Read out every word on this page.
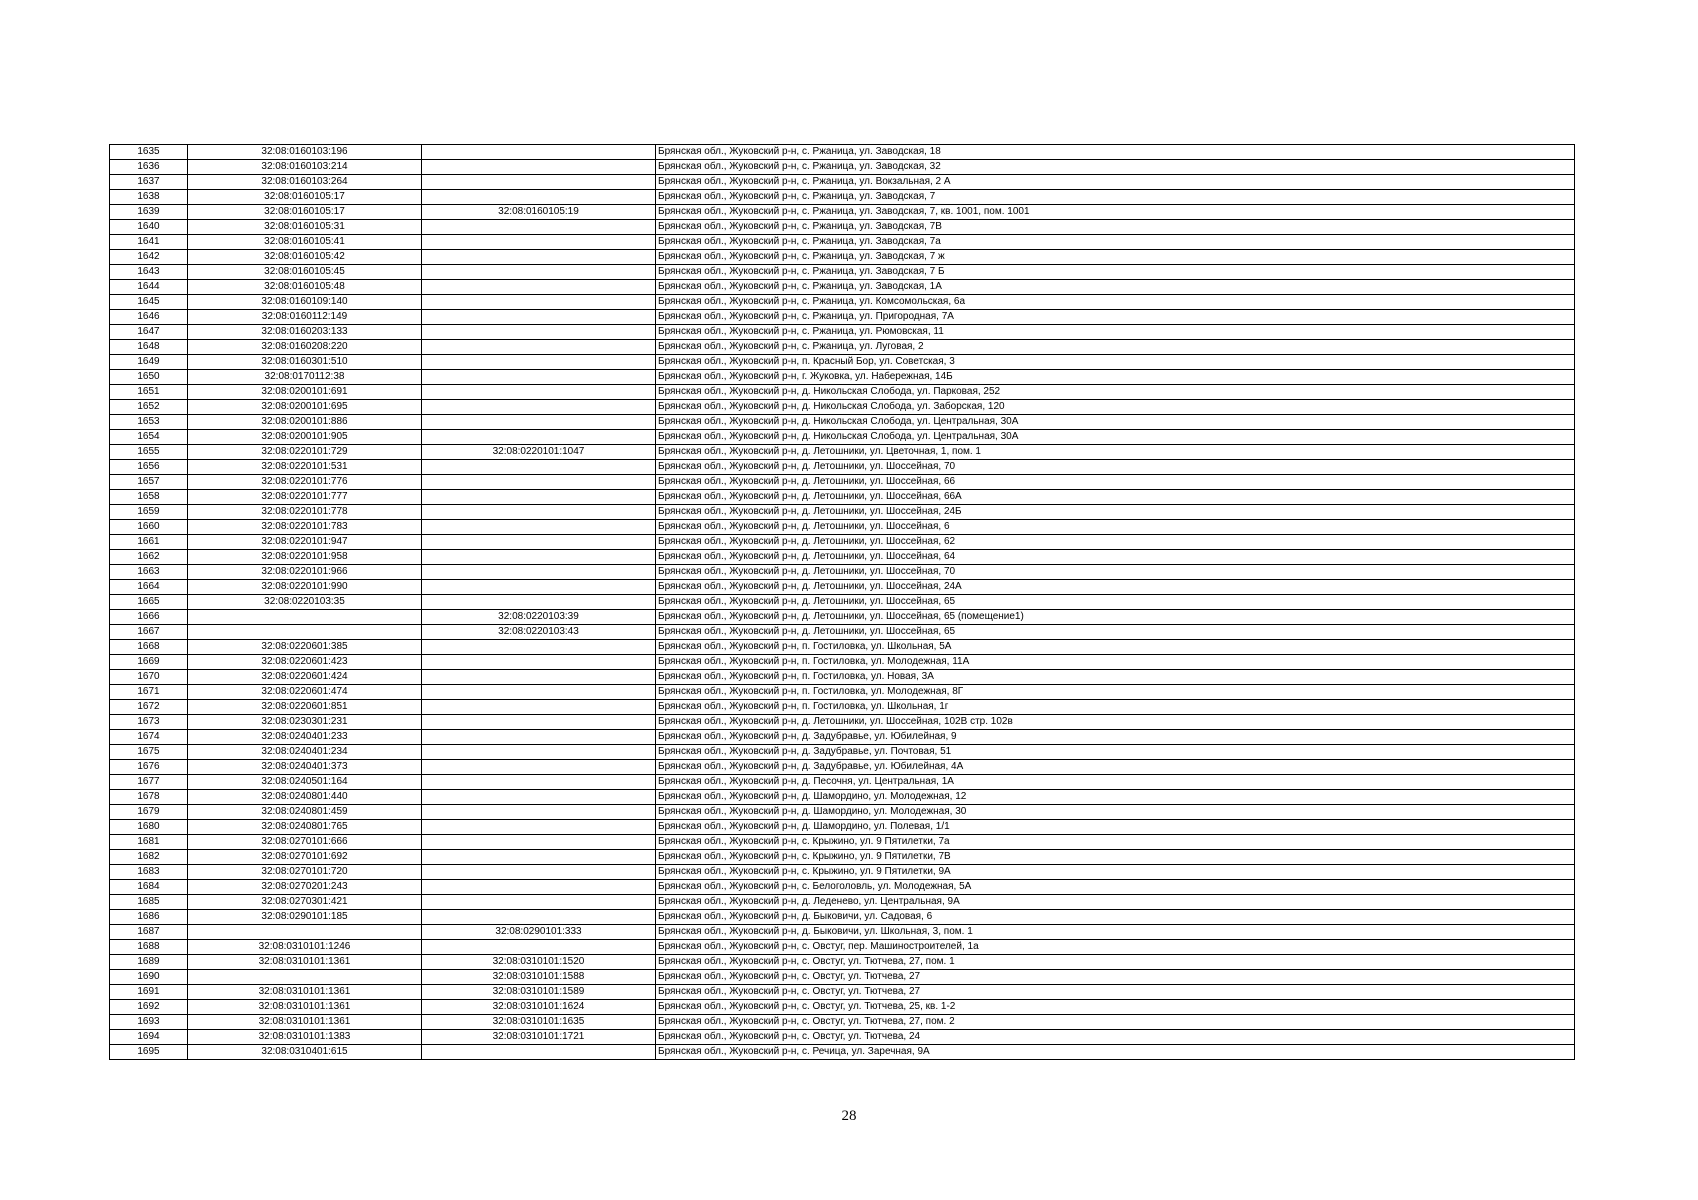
1635	32:08:0160103:196		Брянская обл., Жуковский р-н, с. Ржаница, ул. Заводская, 18
1636	32:08:0160103:214		Брянская обл., Жуковский р-н, с. Ржаница, ул. Заводская, 32
1637	32:08:0160103:264		Брянская обл., Жуковский р-н, с. Ржаница, ул. Вокзальная, 2 А
1638	32:08:0160105:17		Брянская обл., Жуковский р-н, с. Ржаница, ул. Заводская, 7
1639	32:08:0160105:17	32:08:0160105:19	Брянская обл., Жуковский р-н, с. Ржаница, ул. Заводская, 7, кв. 1001, пом. 1001
1640	32:08:0160105:31		Брянская обл., Жуковский р-н, с. Ржаница, ул. Заводская, 7В
1641	32:08:0160105:41		Брянская обл., Жуковский р-н, с. Ржаница, ул. Заводская, 7а
1642	32:08:0160105:42		Брянская обл., Жуковский р-н, с. Ржаница, ул. Заводская, 7 ж
1643	32:08:0160105:45		Брянская обл., Жуковский р-н, с. Ржаница, ул. Заводская, 7 Б
1644	32:08:0160105:48		Брянская обл., Жуковский р-н, с. Ржаница, ул. Заводская, 1А
1645	32:08:0160109:140		Брянская обл., Жуковский р-н, с. Ржаница, ул. Комсомольская, 6а
1646	32:08:0160112:149		Брянская обл., Жуковский р-н, с. Ржаница, ул. Пригородная, 7А
1647	32:08:0160203:133		Брянская обл., Жуковский р-н, с. Ржаница, ул. Рюмовская, 11
1648	32:08:0160208:220		Брянская обл., Жуковский р-н, с. Ржаница, ул. Луговая, 2
1649	32:08:0160301:510		Брянская обл., Жуковский р-н, п. Красный Бор, ул. Советская, 3
1650	32:08:0170112:38		Брянская обл., Жуковский р-н, г. Жуковка, ул. Набережная, 14Б
1651	32:08:0200101:691		Брянская обл., Жуковский р-н, д. Никольская Слобода, ул. Парковая, 252
1652	32:08:0200101:695		Брянская обл., Жуковский р-н, д. Никольская Слобода, ул. Заборская, 120
1653	32:08:0200101:886		Брянская обл., Жуковский р-н, д. Никольская Слобода, ул. Центральная, 30А
1654	32:08:0200101:905		Брянская обл., Жуковский р-н, д. Никольская Слобода, ул. Центральная, 30А
1655	32:08:0220101:729	32:08:0220101:1047	Брянская обл., Жуковский р-н, д. Летошники, ул. Цветочная, 1, пом. 1
1656	32:08:0220101:531		Брянская обл., Жуковский р-н, д. Летошники, ул. Шоссейная, 70
1657	32:08:0220101:776		Брянская обл., Жуковский р-н, д. Летошники, ул. Шоссейная, 66
1658	32:08:0220101:777		Брянская обл., Жуковский р-н, д. Летошники, ул. Шоссейная, 66А
1659	32:08:0220101:778		Брянская обл., Жуковский р-н, д. Летошники, ул. Шоссейная, 24Б
1660	32:08:0220101:783		Брянская обл., Жуковский р-н, д. Летошники, ул. Шоссейная, 6
1661	32:08:0220101:947		Брянская обл., Жуковский р-н, д. Летошники, ул. Шоссейная, 62
1662	32:08:0220101:958		Брянская обл., Жуковский р-н, д. Летошники, ул. Шоссейная, 64
1663	32:08:0220101:966		Брянская обл., Жуковский р-н, д. Летошники, ул. Шоссейная, 70
1664	32:08:0220101:990		Брянская обл., Жуковский р-н, д. Летошники, ул. Шоссейная, 24А
1665	32:08:0220103:35		Брянская обл., Жуковский р-н, д. Летошники, ул. Шоссейная, 65
1666		32:08:0220103:39	Брянская обл., Жуковский р-н, д. Летошники, ул. Шоссейная, 65 (помещение1)
1667		32:08:0220103:43	Брянская обл., Жуковский р-н, д. Летошники, ул. Шоссейная, 65
1668	32:08:0220601:385		Брянская обл., Жуковский р-н, п. Гостиловка, ул. Школьная, 5А
1669	32:08:0220601:423		Брянская обл., Жуковский р-н, п. Гостиловка, ул. Молодежная, 11А
1670	32:08:0220601:424		Брянская обл., Жуковский р-н, п. Гостиловка, ул. Новая, 3А
1671	32:08:0220601:474		Брянская обл., Жуковский р-н, п. Гостиловка, ул. Молодежная, 8Г
1672	32:08:0220601:851		Брянская обл., Жуковский р-н, п. Гостиловка, ул. Школьная, 1г
1673	32:08:0230301:231		Брянская обл., Жуковский р-н, д. Летошники, ул. Шоссейная, 102В стр. 102в
1674	32:08:0240401:233		Брянская обл., Жуковский р-н, д. Задубравье, ул. Юбилейная, 9
1675	32:08:0240401:234		Брянская обл., Жуковский р-н, д. Задубравье, ул. Почтовая, 51
1676	32:08:0240401:373		Брянская обл., Жуковский р-н, д. Задубравье, ул. Юбилейная, 4А
1677	32:08:0240501:164		Брянская обл., Жуковский р-н, д. Песочня, ул. Центральная, 1А
1678	32:08:0240801:440		Брянская обл., Жуковский р-н, д. Шамордино, ул. Молодежная, 12
1679	32:08:0240801:459		Брянская обл., Жуковский р-н, д. Шамордино, ул. Молодежная, 30
1680	32:08:0240801:765		Брянская обл., Жуковский р-н, д. Шамордино, ул. Полевая, 1/1
1681	32:08:0270101:666		Брянская обл., Жуковский р-н, с. Крыжино, ул. 9 Пятилетки, 7а
1682	32:08:0270101:692		Брянская обл., Жуковский р-н, с. Крыжино, ул. 9 Пятилетки, 7В
1683	32:08:0270101:720		Брянская обл., Жуковский р-н, с. Крыжино, ул. 9 Пятилетки, 9А
1684	32:08:0270201:243		Брянская обл., Жуковский р-н, с. Белоголовль, ул. Молодежная, 5А
1685	32:08:0270301:421		Брянская обл., Жуковский р-н, д. Леденево, ул. Центральная, 9А
1686	32:08:0290101:185		Брянская обл., Жуковский р-н, д. Быковичи, ул. Садовая, 6
1687		32:08:0290101:333	Брянская обл., Жуковский р-н, д. Быковичи, ул. Школьная, 3, пом. 1
1688	32:08:0310101:1246		Брянская обл., Жуковский р-н, с. Овстуг, пер. Машиностроителей, 1а
1689	32:08:0310101:1361	32:08:0310101:1520	Брянская обл., Жуковский р-н, с. Овстуг, ул. Тютчева, 27, пом. 1
1690		32:08:0310101:1588	Брянская обл., Жуковский р-н, с. Овстуг, ул. Тютчева, 27
1691	32:08:0310101:1361	32:08:0310101:1589	Брянская обл., Жуковский р-н, с. Овстуг, ул. Тютчева, 27
1692	32:08:0310101:1361	32:08:0310101:1624	Брянская обл., Жуковский р-н, с. Овстуг, ул. Тютчева, 25, кв. 1-2
1693	32:08:0310101:1361	32:08:0310101:1635	Брянская обл., Жуковский р-н, с. Овстуг, ул. Тютчева, 27, пом. 2
1694	32:08:0310101:1383	32:08:0310101:1721	Брянская обл., Жуковский р-н, с. Овстуг, ул. Тютчева, 24
1695	32:08:0310401:615		Брянская обл., Жуковский р-н, с. Речица, ул. Заречная, 9А
28
